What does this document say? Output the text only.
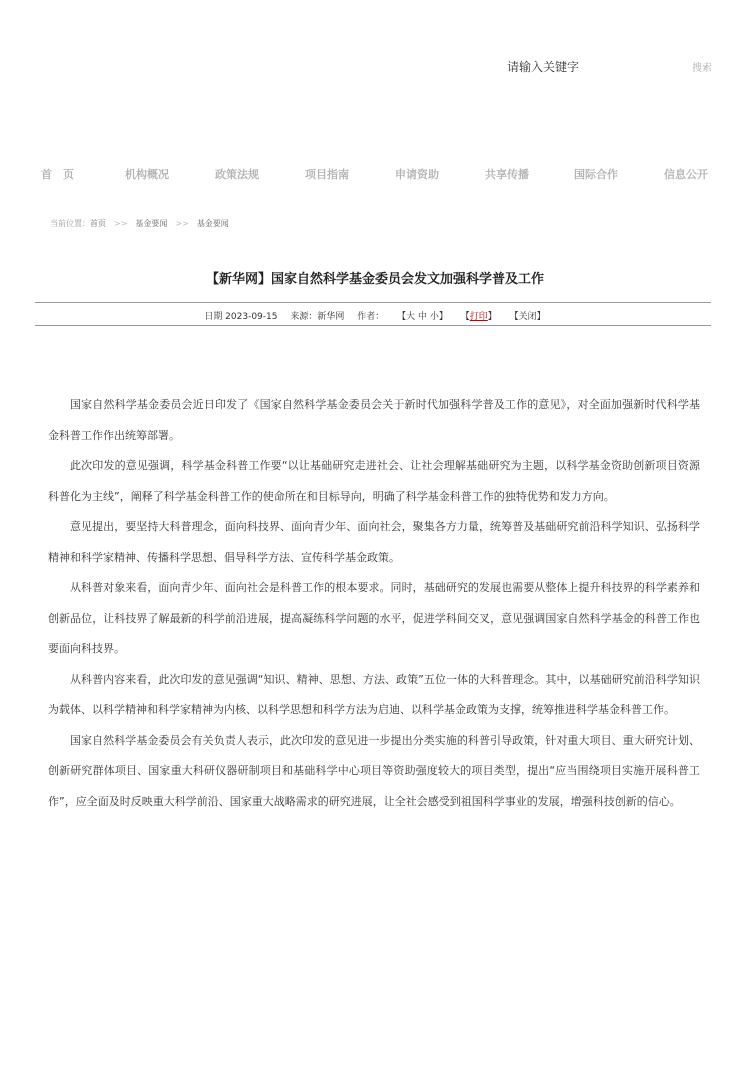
请输入关键字	搜索
首　页	机构概况	政策法规	项目指南	申请资助	共享传播	国际合作	信息公开
当前位置：首页 >> 基金要闻 >> 基金要闻
【新华网】国家自然科学基金委员会发文加强科学普及工作
日期 2023-09-15 来源：新华网 作者： 【大 中 小】 【打印】 【关闭】

国家自然科学基金委员会近日印发了《国家自然科学基金委员会关于新时代加强科学普及工作的意见》，对全面加强新时代科学基金科普工作作出统筹部署。

此次印发的意见强调，科学基金科普工作要“以让基础研究走进社会、让社会理解基础研究为主题，以科学基金资助创新项目资源科普化为主线”，阐释了科学基金科普工作的使命所在和目标导向，明确了科学基金科普工作的独特优势和发力方向。

意见提出，要坚持大科普理念，面向科技界、面向青少年、面向社会，聚集各方力量，统筹普及基础研究前沿科学知识、弘扬科学精神和科学家精神、传播科学思想、倡导科学方法、宣传科学基金政策。

从科普对象来看，面向青少年、面向社会是科普工作的根本要求。同时，基础研究的发展也需要从整体上提升科技界的科学素养和创新品位，让科技界了解最新的科学前沿进展，提高凝练科学问题的水平，促进学科间交叉，意见强调国家自然科学基金的科普工作也要面向科技界。

从科普内容来看，此次印发的意见强调“知识、精神、思想、方法、政策”五位一体的大科普理念。其中，以基础研究前沿科学知识为载体、以科学精神和科学家精神为内核、以科学思想和科学方法为启迪、以科学基金政策为支撑，统筹推进科学基金科普工作。

国家自然科学基金委员会有关负责人表示，此次印发的意见进一步提出分类实施的科普引导政策，针对重大项目、重大研究计划、创新研究群体项目、国家重大科研仪器研制项目和基础科学中心项目等资助强度较大的项目类型，提出“应当围绕项目实施开展科普工作”，应全面及时反映重大科学前沿、国家重大战略需求的研究进展，让全社会感受到祖国科学事业的发展，增强科技创新的信心。
